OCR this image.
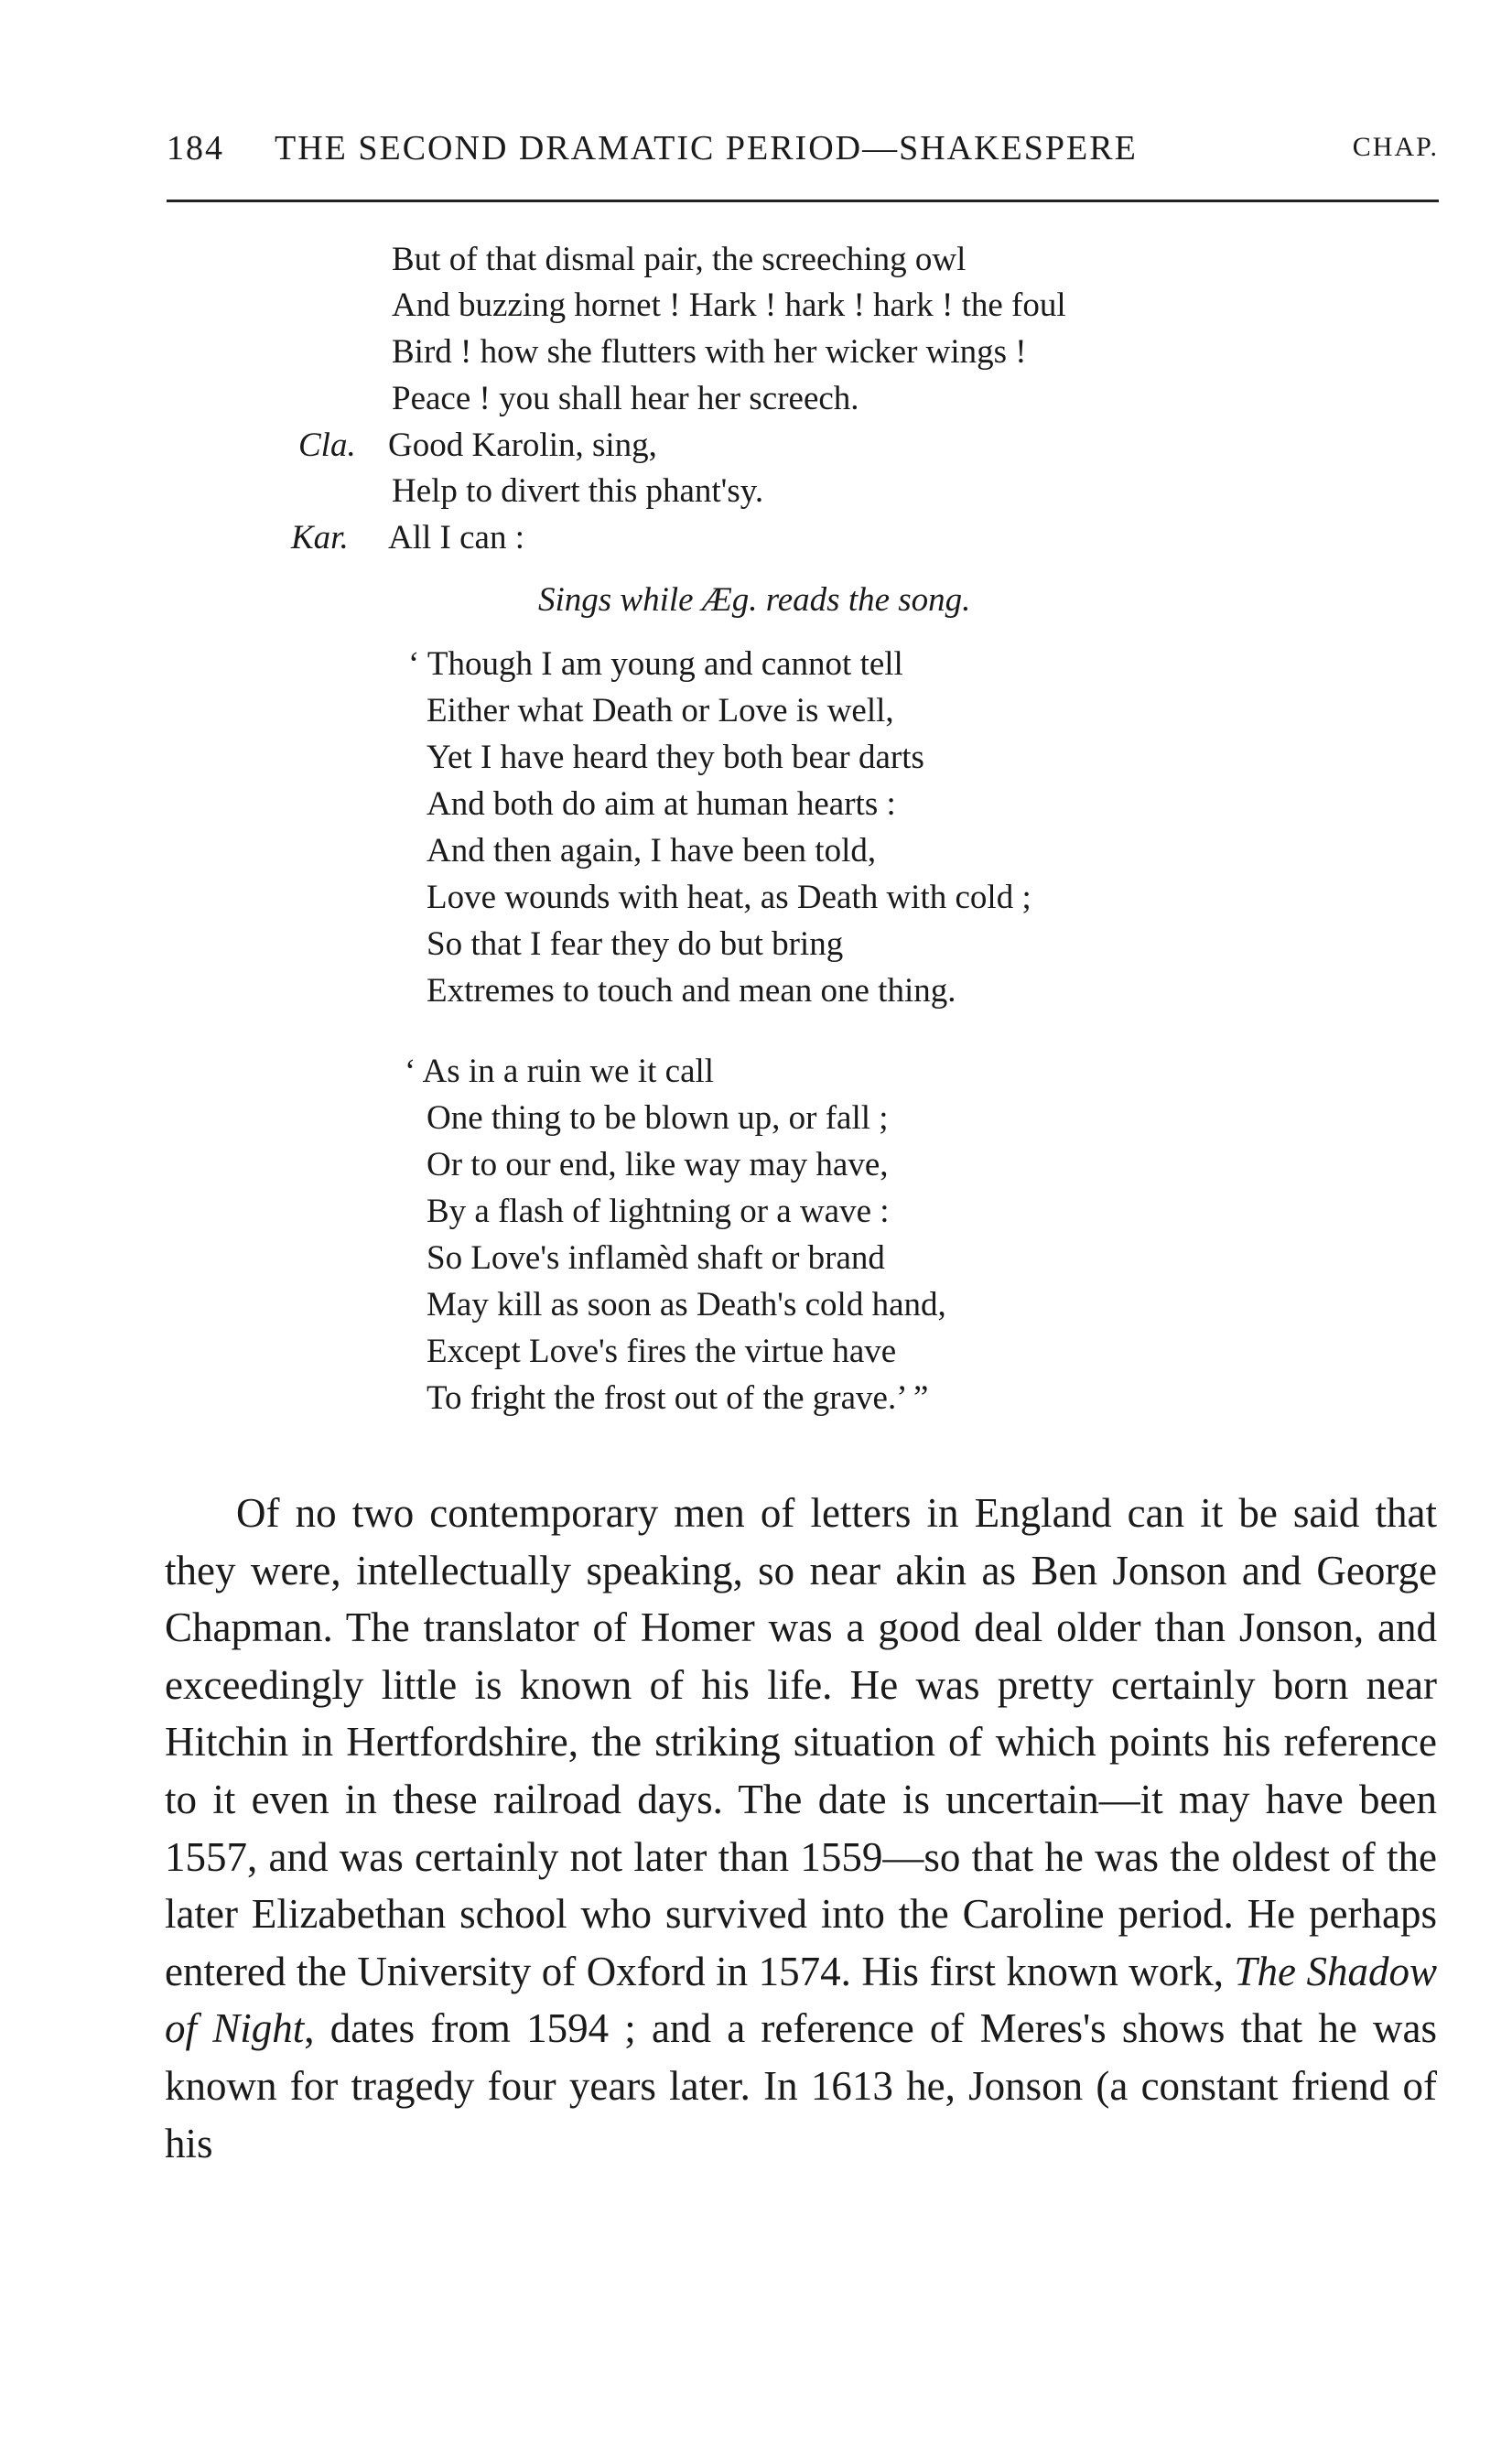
184 THE SECOND DRAMATIC PERIOD—SHAKESPERE	CHAP.
But of that dismal pair, the screeching owl
And buzzing hornet ! Hark ! hark ! hark ! the foul
Bird ! how she flutters with her wicker wings !
Peace ! you shall hear her screech.
Cla. Good Karolin, sing,
Help to divert this phant'sy.
Kar. All I can :
Sings while Æg. reads the song.
‘ Though I am young and cannot tell
Either what Death or Love is well,
Yet I have heard they both bear darts
And both do aim at human hearts :
And then again, I have been told,
Love wounds with heat, as Death with cold ;
So that I fear they do but bring
Extremes to touch and mean one thing.
‘ As in a ruin we it call
One thing to be blown up, or fall ;
Or to our end, like way may have,
By a flash of lightning or a wave :
So Love's inflamèd shaft or brand
May kill as soon as Death's cold hand,
Except Love's fires the virtue have
To fright the frost out of the grave.’ ”

Of no two contemporary men of letters in England can it be said that they were, intellectually speaking, so near akin as Ben Jonson and George Chapman. The translator of Homer was a good deal older than Jonson, and exceedingly little is known of his life. He was pretty certainly born near Hitchin in Hertfordshire, the striking situation of which points his reference to it even in these railroad days. The date is uncertain—it may have been 1557, and was certainly not later than 1559—so that he was the oldest of the later Elizabethan school who survived into the Caroline period. He perhaps entered the University of Oxford in 1574. His first known work, The Shadow of Night, dates from 1594 ; and a reference of Meres's shows that he was known for tragedy four years later. In 1613 he, Jonson (a constant friend of his
